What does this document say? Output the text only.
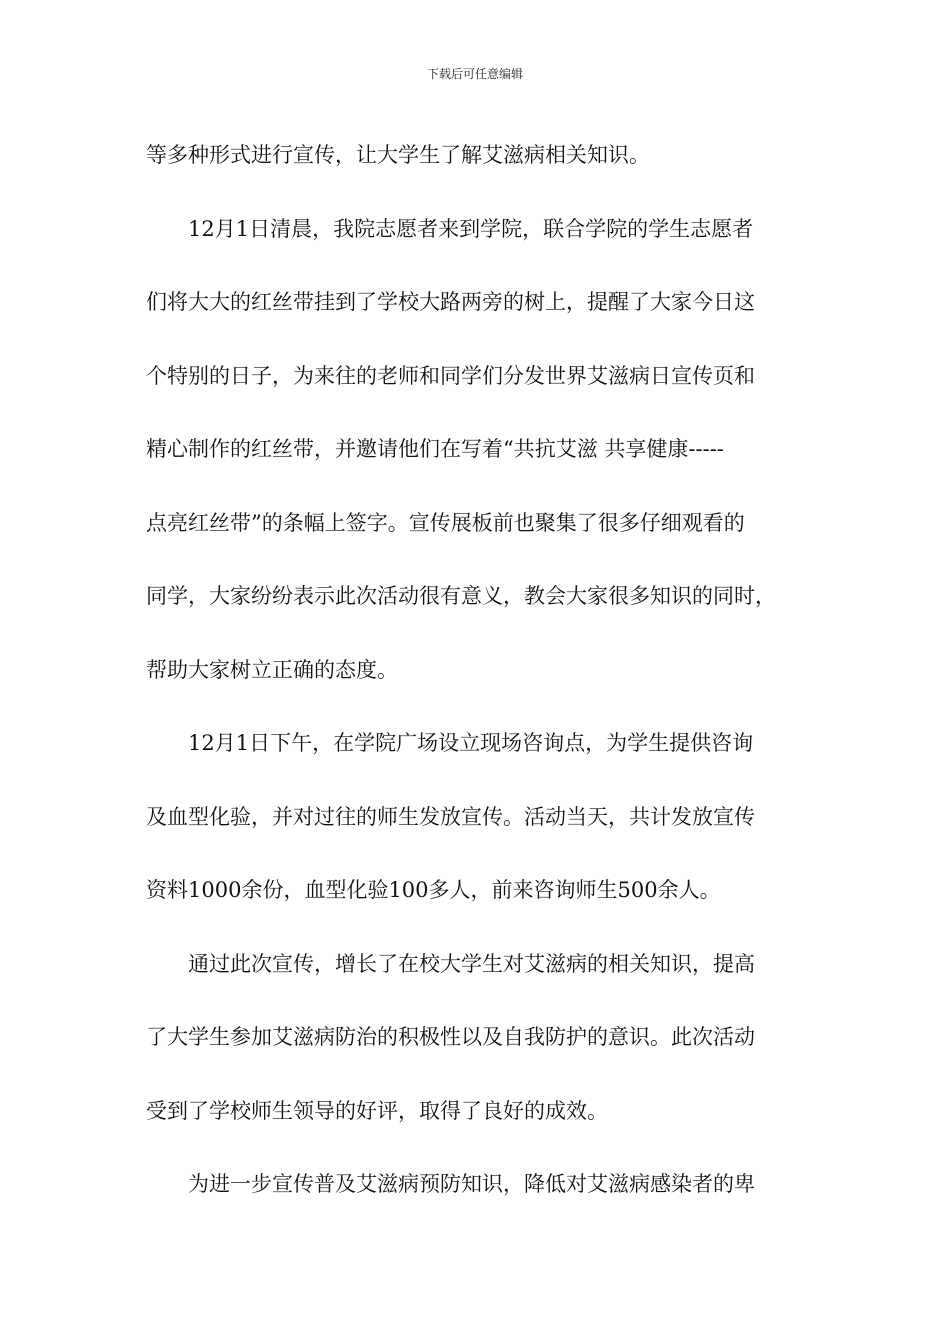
下载后可任意编辑
等多种形式进行宣传，让大学生了解艾滋病相关知识。
12月1日清晨，我院志愿者来到学院，联合学院的学生志愿者
们将大大的红丝带挂到了学校大路两旁的树上，提醒了大家今日这
个特别的日子，为来往的老师和同学们分发世界艾滋病日宣传页和
精心制作的红丝带，并邀请他们在写着“共抗艾滋 共享健康-----
点亮红丝带”的条幅上签字。宣传展板前也聚集了很多仔细观看的
同学，大家纷纷表示此次活动很有意义，教会大家很多知识的同时，
帮助大家树立正确的态度。
12月1日下午，在学院广场设立现场咨询点，为学生提供咨询
及血型化验，并对过往的师生发放宣传。活动当天，共计发放宣传
资料1000余份，血型化验100多人，前来咨询师生500余人。
通过此次宣传，增长了在校大学生对艾滋病的相关知识，提高
了大学生参加艾滋病防治的积极性以及自我防护的意识。此次活动
受到了学校师生领导的好评，取得了良好的成效。
为进一步宣传普及艾滋病预防知识，降低对艾滋病感染者的卑
